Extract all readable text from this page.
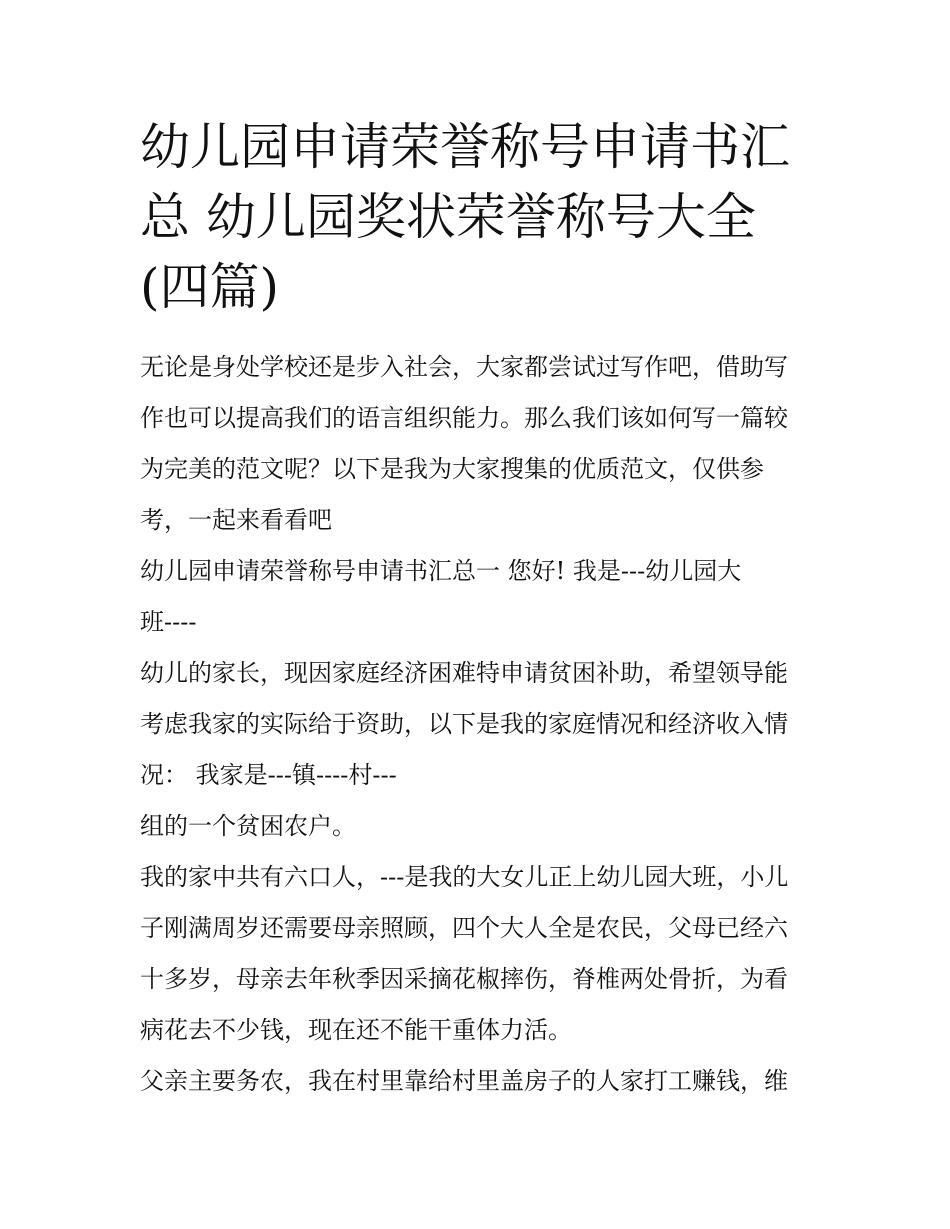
幼儿园申请荣誉称号申请书汇
总 幼儿园奖状荣誉称号大全
(四篇)

无论是身处学校还是步入社会，大家都尝试过写作吧，借助写
作也可以提高我们的语言组织能力。那么我们该如何写一篇较
为完美的范文呢？以下是我为大家搜集的优质范文，仅供参
考，一起来看看吧

幼儿园申请荣誉称号申请书汇总一 您好! 我是---幼儿园大
班----

幼儿的家长，现因家庭经济困难特申请贫困补助，希望领导能
考虑我家的实际给于资助，以下是我的家庭情况和经济收入情
况： 我家是---镇----村---

组的一个贫困农户。

我的家中共有六口人，---是我的大女儿正上幼儿园大班，小儿
子刚满周岁还需要母亲照顾，四个大人全是农民，父母已经六
十多岁，母亲去年秋季因采摘花椒摔伤，脊椎两处骨折，为看
病花去不少钱，现在还不能干重体力活。

父亲主要务农，我在村里靠给村里盖房子的人家打工赚钱，维
